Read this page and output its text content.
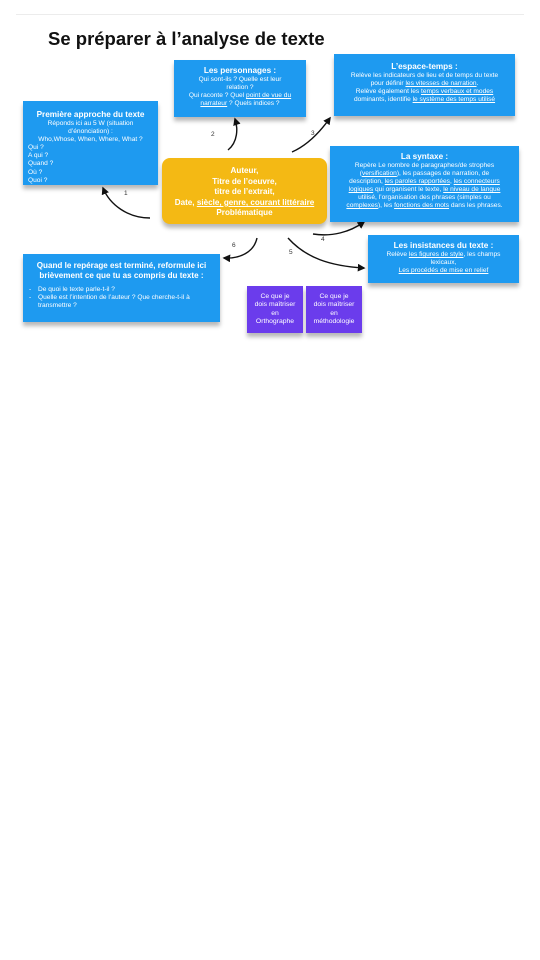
Se préparer à l’analyse de texte
1
2	3
4
5
6
Les personnages :
Qui sont-ils ? Quelle est leur
relation ?
Qui raconte ? Quel point de vue du
narrateur ? Quels indices ?
L’espace-temps :
Relève les indicateurs de lieu et de temps du texte
pour définir les vitesses de narration.
Relève également les temps verbaux et modes
dominants, identifie le système des temps utilisé
Première approche du texte
Réponds ici au 5 W (situation
d’énonciation) :
Who,Whose, When, Where, What ?
Qui ?
A qui ?
Quand ?
Où ?
Quoi ?
Auteur,
Titre de l’oeuvre,
titre de l’extrait,
Date, siècle, genre, courant littéraire
Problématique
La syntaxe :
Repère Le nombre de paragraphes/de strophes
(versification), les passages de narration, de
description, les paroles rapportées, les connecteurs
logiques qui organisent le texte, le niveau de langue
utilisé, l’organisation des phrases (simples ou
complexes), les fonctions des mots dans les phrases.
Les insistances du texte :
Relève les figures de style, les champs
lexicaux,
Les procédés de mise en relief
Quand le repérage est terminé, reformule ici
brièvement ce que tu as compris du texte :
- De quoi le texte parle-t-il ?
- Quelle est l’intention de l’auteur ? Que cherche-t-il à transmettre ?
Ce que je
dois maîtriser
en
Orthographe
Ce que je
dois maîtriser
en
méthodologie
